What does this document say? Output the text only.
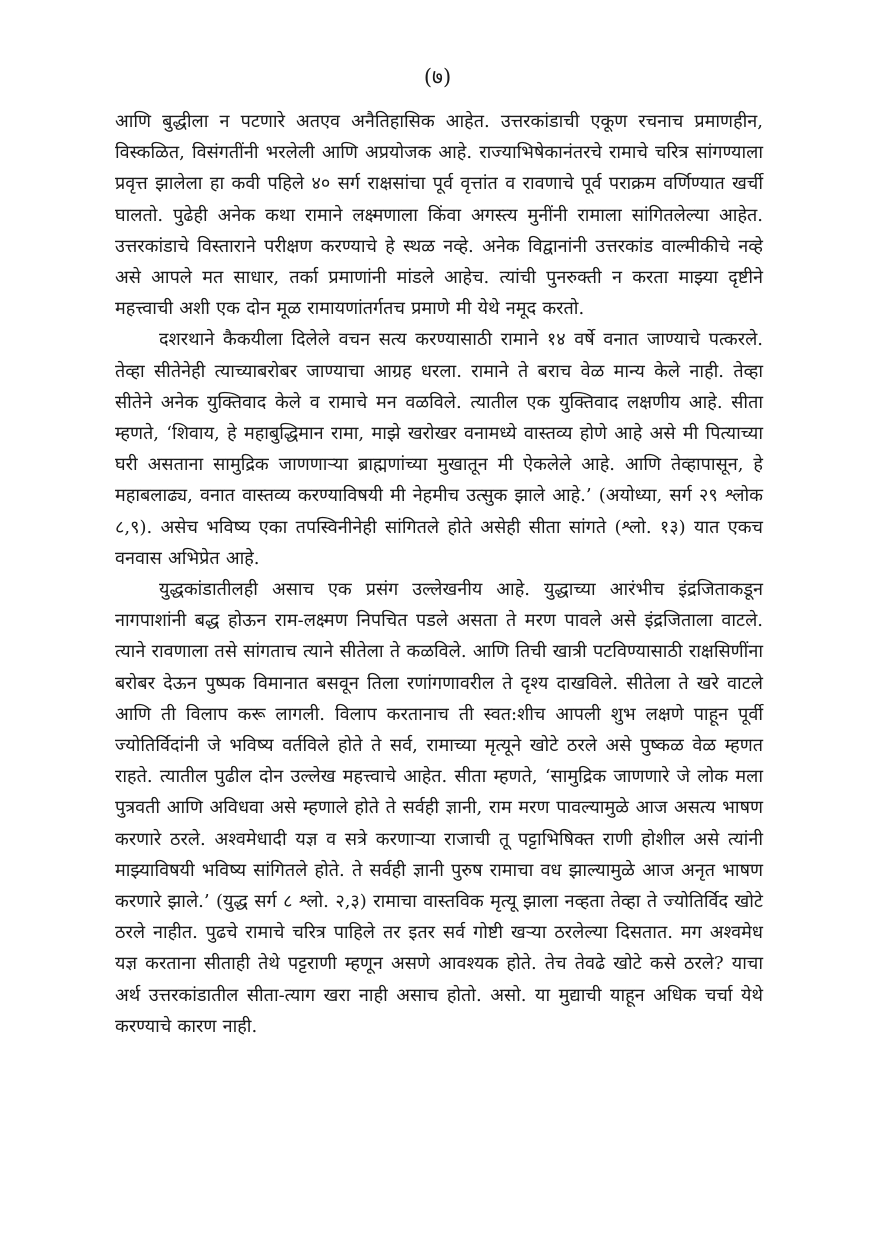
(७)

आणि बुद्धीला न पटणारे अतएव अनैतिहासिक आहेत. उत्तरकांडाची एकूण रचनाच प्रमाणहीन, विस्कळित, विसंगतींनी भरलेली आणि अप्रयोजक आहे. राज्याभिषेकानंतरचे रामाचे चरित्र सांगण्याला प्रवृत्त झालेला हा कवी पहिले ४० सर्ग राक्षसांचा पूर्व वृत्तांत व रावणाचे पूर्व पराक्रम वर्णिण्यात खर्ची घालतो. पुढेही अनेक कथा रामाने लक्ष्मणाला किंवा अगस्त्य मुनींनी रामाला सांगितलेल्या आहेत. उत्तरकांडाचे विस्ताराने परीक्षण करण्याचे हे स्थळ नव्हे. अनेक विद्वानांनी उत्तरकांड वाल्मीकीचे नव्हे असे आपले मत साधार, तर्का प्रमाणांनी मांडले आहेच. त्यांची पुनरुक्ती न करता माझ्या दृष्टीने महत्त्वाची अशी एक दोन मूळ रामायणांतर्गतच प्रमाणे मी येथे नमूद करतो.

दशरथाने कैकयीला दिलेले वचन सत्य करण्यासाठी रामाने १४ वर्षे वनात जाण्याचे पत्करले. तेव्हा सीतेनेही त्याच्याबरोबर जाण्याचा आग्रह धरला. रामाने ते बराच वेळ मान्य केले नाही. तेव्हा सीतेने अनेक युक्तिवाद केले व रामाचे मन वळविले. त्यातील एक युक्तिवाद लक्षणीय आहे. सीता म्हणते, ‘शिवाय, हे महाबुद्धिमान रामा, माझे खरोखर वनामध्ये वास्तव्य होणे आहे असे मी पित्याच्या घरी असताना सामुद्रिक जाणणाऱ्या ब्राह्मणांच्या मुखातून मी ऐकलेले आहे. आणि तेव्हापासून, हे महाबलाढ्य, वनात वास्तव्य करण्याविषयी मी नेहमीच उत्सुक झाले आहे.’ (अयोध्या, सर्ग २९ श्लोक ८,९). असेच भविष्य एका तपस्विनीनेही सांगितले होते असेही सीता सांगते (श्लो. १३) यात एकच वनवास अभिप्रेत आहे.

युद्धकांडातीलही असाच एक प्रसंग उल्लेखनीय आहे. युद्धाच्या आरंभीच इंद्रजिताकडून नागपाशांनी बद्ध होऊन राम-लक्ष्मण निपचित पडले असता ते मरण पावले असे इंद्रजिताला वाटले. त्याने रावणाला तसे सांगताच त्याने सीतेला ते कळविले. आणि तिची खात्री पटविण्यासाठी राक्षसिणींना बरोबर देऊन पुष्पक विमानात बसवून तिला रणांगणावरील ते दृश्य दाखविले. सीतेला ते खरे वाटले आणि ती विलाप करू लागली. विलाप करतानाच ती स्वत:शीच आपली शुभ लक्षणे पाहून पूर्वी ज्योतिर्विदांनी जे भविष्य वर्तविले होते ते सर्व, रामाच्या मृत्यूने खोटे ठरले असे पुष्कळ वेळ म्हणत राहते. त्यातील पुढील दोन उल्लेख महत्त्वाचे आहेत. सीता म्हणते, ‘सामुद्रिक जाणणारे जे लोक मला पुत्रवती आणि अविधवा असे म्हणाले होते ते सर्वही ज्ञानी, राम मरण पावल्यामुळे आज असत्य भाषण करणारे ठरले. अश्वमेधादी यज्ञ व सत्रे करणाऱ्या राजाची तू पट्टाभिषिक्त राणी होशील असे त्यांनी माझ्याविषयी भविष्य सांगितले होते. ते सर्वही ज्ञानी पुरुष रामाचा वध झाल्यामुळे आज अनृत भाषण करणारे झाले.’ (युद्ध सर्ग ८ श्लो. २,३) रामाचा वास्तविक मृत्यू झाला नव्हता तेव्हा ते ज्योतिर्विद खोटे ठरले नाहीत. पुढचे रामाचे चरित्र पाहिले तर इतर सर्व गोष्टी खऱ्या ठरलेल्या दिसतात. मग अश्वमेध यज्ञ करताना सीताही तेथे पट्टराणी म्हणून असणे आवश्यक होते. तेच तेवढे खोटे कसे ठरले? याचा अर्थ उत्तरकांडातील सीता-त्याग खरा नाही असाच होतो. असो. या मुद्याची याहून अधिक चर्चा येथे करण्याचे कारण नाही.
